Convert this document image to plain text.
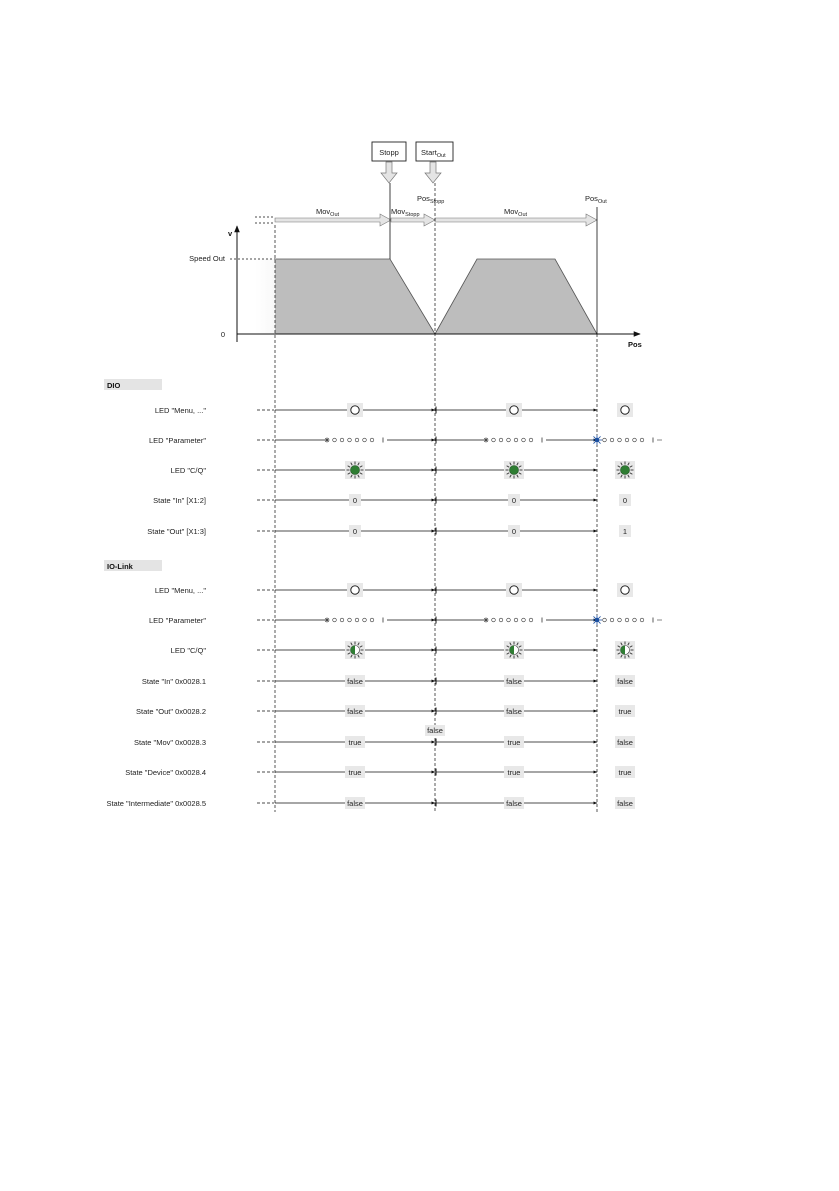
Stopp	Start$_{Out}$
Pos$_{Stopp}$	Pos$_{Out}$
Mov$_{Out}$	Mov$_{Stopp}$	Mov$_{Out}$
v
Speed Out
0
Pos
DIO
IO-Link
LED "Menu, ..."
LED "Parameter"
LED "C/Q"
State "In" [X1:2]	0	0	0
State "Out" [X1:3]	0	0	1
LED "Menu, ..."
LED "Parameter"
LED "C/Q"
State "In" 0x0028.1	false	false	false
State "Out" 0x0028.2	false	false	true
State "Mov" 0x0028.3	true	true	false
false
State "Device" 0x0028.4	true	true	true
State "Intermediate" 0x0028.5	false	false	false
